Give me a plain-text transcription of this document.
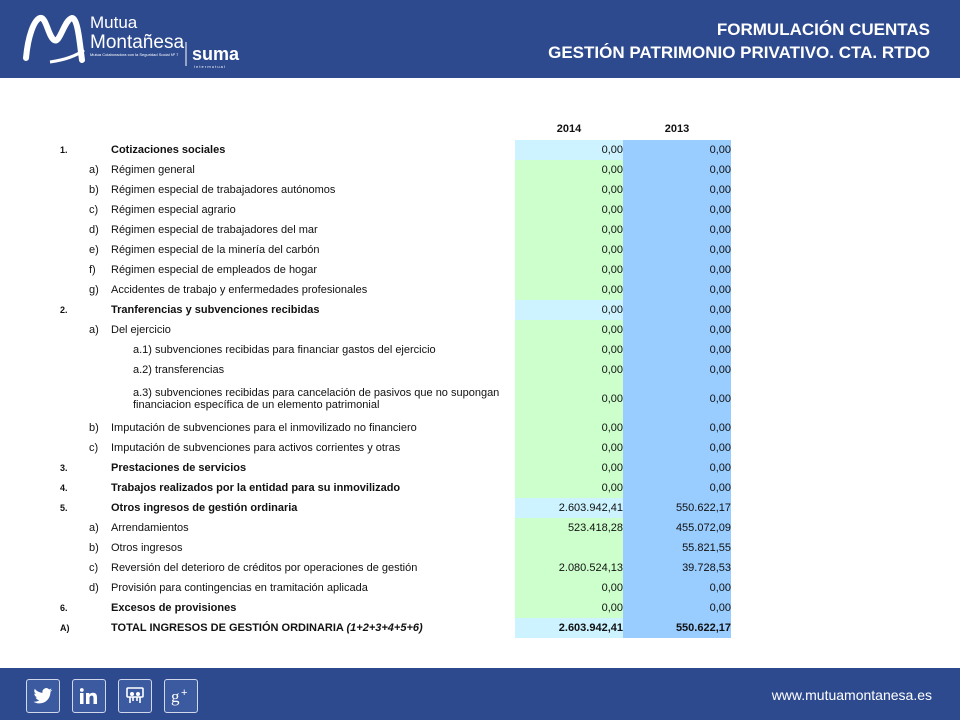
Mutua
Montañesa
Mutua Colaboradora con la Seguridad Social Nº 7 suma
i n t e r m u t u a l
FORMULACIÓN CUENTAS
GESTIÓN PATRIMONIO PRIVATIVO. CTA. RTDO
			2014	2013
1.		Cotizaciones sociales	0,00	0,00
	a)	Régimen general	0,00	0,00
	b)	Régimen especial de trabajadores autónomos	0,00	0,00
	c)	Régimen especial agrario	0,00	0,00
	d)	Régimen especial de trabajadores del mar	0,00	0,00
	e)	Régimen especial de la minería del carbón	0,00	0,00
	f)	Régimen especial de empleados de hogar	0,00	0,00
	g)	Accidentes de trabajo y enfermedades profesionales	0,00	0,00
2.		Tranferencias y subvenciones recibidas	0,00	0,00
	a)	Del ejercicio	0,00	0,00

		a.1) subvenciones recibidas para financiar gastos del ejercicio	0,00	0,00

		a.2) transferencias	0,00	0,00

		a.3) subvenciones recibidas para cancelación de pasivos que no supongan financiacion específica de un elemento patrimonial	0,00	0,00
	b)	Imputación de subvenciones para el inmovilizado no financiero	0,00	0,00
	c)	Imputación de subvenciones para activos corrientes y otras	0,00	0,00
3.		Prestaciones de servicios	0,00	0,00
4.		Trabajos realizados por la entidad para su inmovilizado	0,00	0,00
5.		Otros ingresos de gestión ordinaria	2.603.942,41	550.622,17
	a)	Arrendamientos	523.418,28	455.072,09
	b)	Otros ingresos		55.821,55
	c)	Reversión del deterioro de créditos por operaciones de gestión	2.080.524,13	39.728,53
	d)	Provisión para contingencias en tramitación aplicada	0,00	0,00
6.		Excesos de provisiones	0,00	0,00
A)		TOTAL INGRESOS DE GESTIÓN ORDINARIA (1+2+3+4+5+6)	2.603.942,41	550.622,17
g +	www.mutuamontanesa.es
